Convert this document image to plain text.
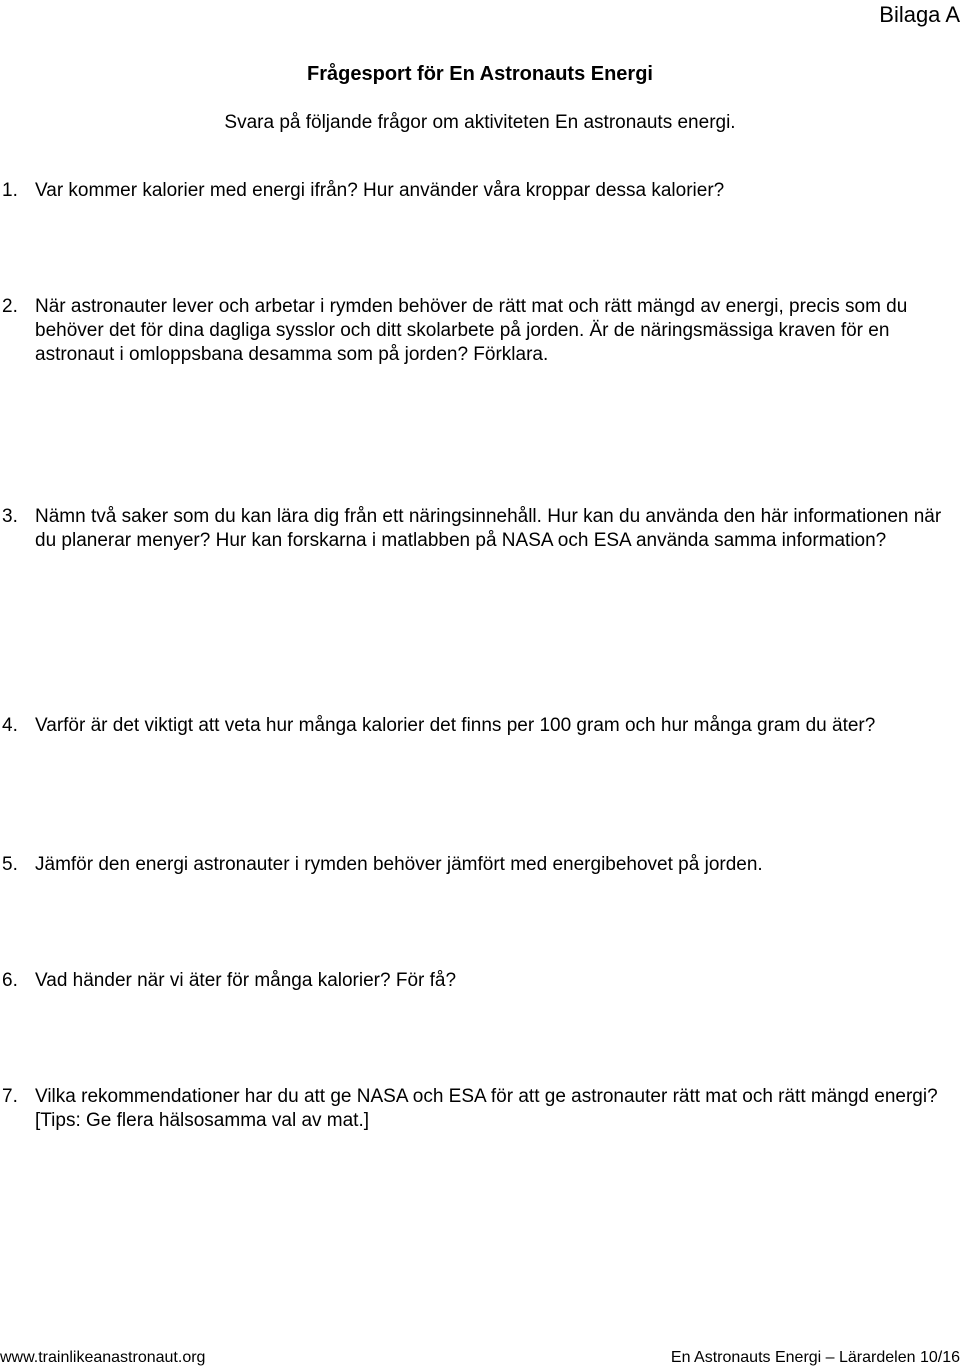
Bilaga A
Frågesport för En Astronauts Energi
Svara på följande frågor om aktiviteten En astronauts energi.
1. Var kommer kalorier med energi ifrån? Hur använder våra kroppar dessa kalorier?
2. När astronauter lever och arbetar i rymden behöver de rätt mat och rätt mängd av energi, precis som du behöver det för dina dagliga sysslor och ditt skolarbete på jorden. Är de näringsmässiga kraven för en astronaut i omloppsbana desamma som på jorden? Förklara.
3. Nämn två saker som du kan lära dig från ett näringsinnehåll. Hur kan du använda den här informationen när du planerar menyer? Hur kan forskarna i matlabben på NASA och ESA använda samma information?
4. Varför är det viktigt att veta hur många kalorier det finns per 100 gram och hur många gram du äter?
5. Jämför den energi astronauter i rymden behöver jämfört med energibehovet på jorden.
6. Vad händer när vi äter för många kalorier? För få?
7. Vilka rekommendationer har du att ge NASA och ESA för att ge astronauter rätt mat och rätt mängd energi? [Tips: Ge flera hälsosamma val av mat.]
www.trainlikeanastronaut.org	En Astronauts Energi – Lärardelen 10/16
